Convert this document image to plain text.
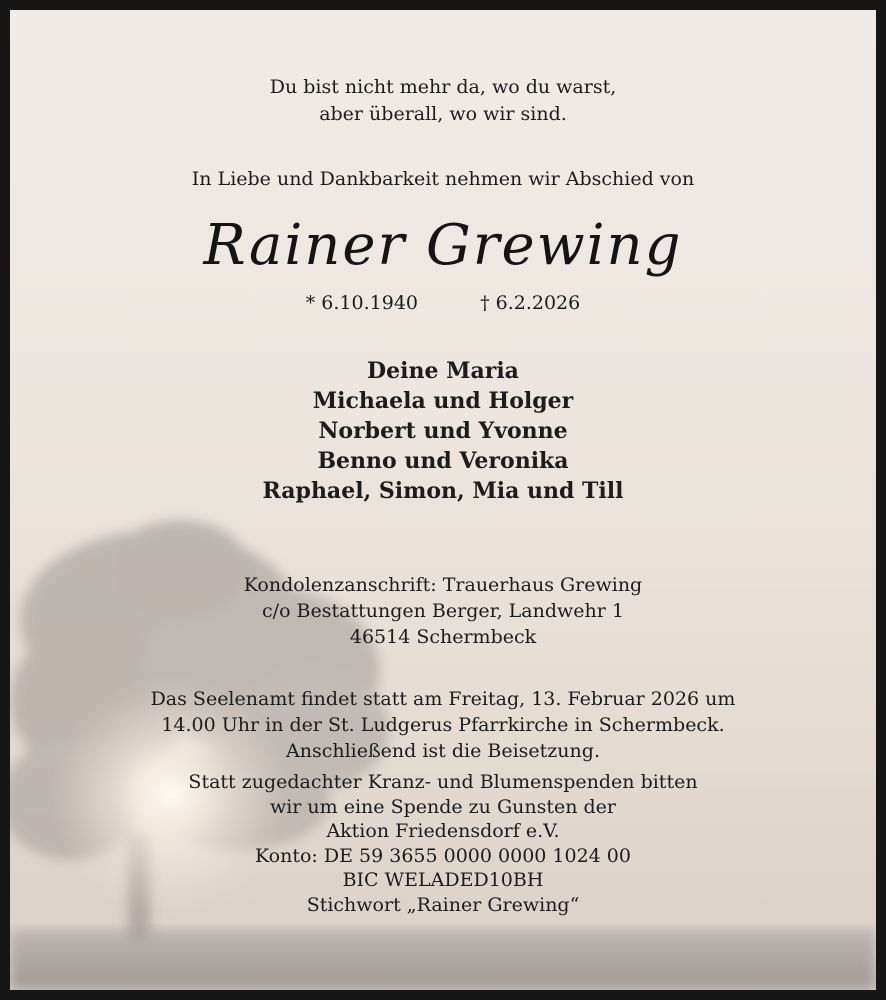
Du bist nicht mehr da, wo du warst,
aber überall, wo wir sind.
In Liebe und Dankbarkeit nehmen wir Abschied von
Rainer Grewing
* 6.10.1940	† 6.2.2026
Deine Maria
Michaela und Holger
Norbert und Yvonne
Benno und Veronika
Raphael, Simon, Mia und Till
Kondolenzanschrift: Trauerhaus Grewing
c/o Bestattungen Berger, Landwehr 1
46514 Schermbeck
Das Seelenamt findet statt am Freitag, 13. Februar 2026 um
14.00 Uhr in der St. Ludgerus Pfarrkirche in Schermbeck.
Anschließend ist die Beisetzung.
Statt zugedachter Kranz- und Blumenspenden bitten
wir um eine Spende zu Gunsten der
Aktion Friedensdorf e.V.
Konto: DE 59 3655 0000 0000 1024 00
BIC WELADED10BH
Stichwort „Rainer Grewing“
